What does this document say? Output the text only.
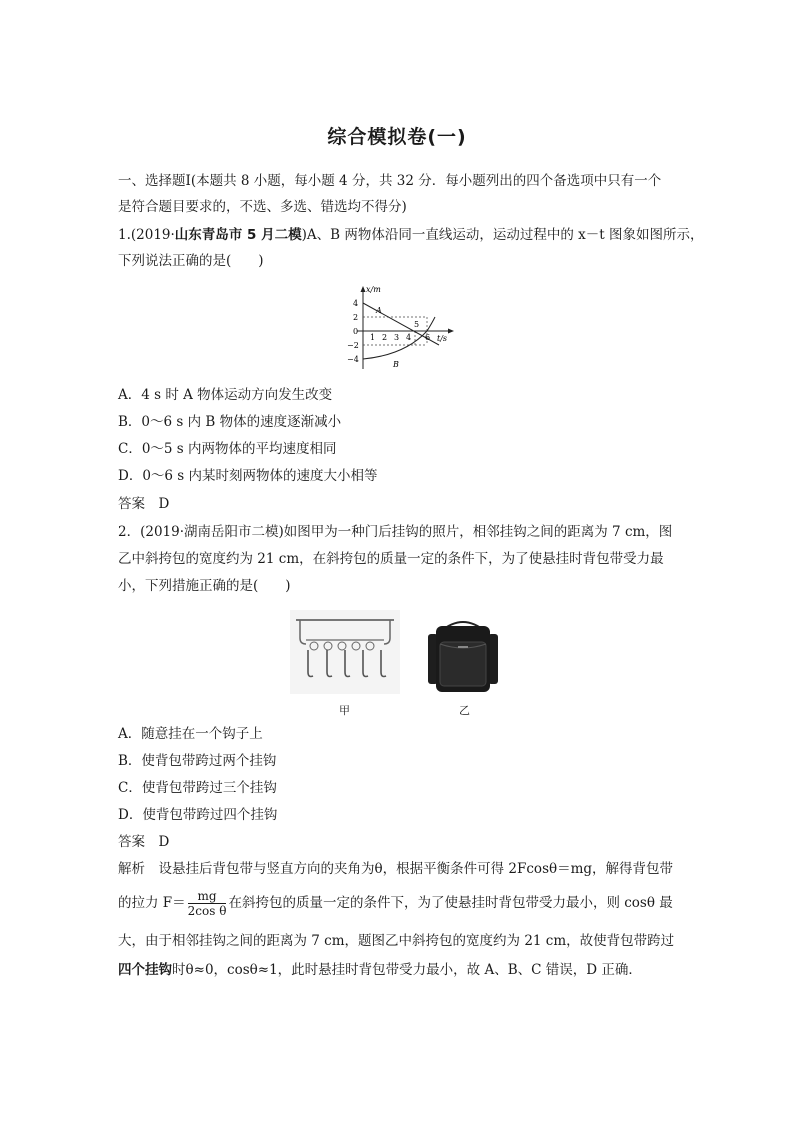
综合模拟卷(一)
一、选择题Ⅰ(本题共 8 小题，每小题 4 分，共 32 分．每小题列出的四个备选项中只有一个
是符合题目要求的，不选、多选、错选均不得分)
1.(2019·山东青岛市 5 月二模)A、B 两物体沿同一直线运动，运动过程中的 x－t 图象如图所示，
下列说法正确的是(　　)
x/m
t/s
4
2
0
−2
−4
1 2 3 4
5
6
A
B
A．4 s 时 A 物体运动方向发生改变
B．0～6 s 内 B 物体的速度逐渐减小
C．0～5 s 内两物体的平均速度相同
D．0～6 s 内某时刻两物体的速度大小相等
答案　D
2．(2019·湖南岳阳市二模)如图甲为一种门后挂钩的照片，相邻挂钩之间的距离为 7 cm，图
乙中斜挎包的宽度约为 21 cm，在斜挎包的质量一定的条件下，为了使悬挂时背包带受力最
小，下列措施正确的是(　　)
甲	乙
A．随意挂在一个钩子上
B．使背包带跨过两个挂钩
C．使背包带跨过三个挂钩
D．使背包带跨过四个挂钩
答案　D
解析　设悬挂后背包带与竖直方向的夹角为θ，根据平衡条件可得 2Fcosθ＝mg，解得背包带
的拉力 $F= \frac{mg}{\text{2cos θ}}$ 在斜挎包的质量一定的条件下，为了使悬挂时背包带受力最小，则 cosθ 最
大，由于相邻挂钩之间的距离为 7 cm，题图乙中斜挎包的宽度约为 21 cm，故使背包带跨过
四个挂钩时θ≈0，cosθ≈1，此时悬挂时背包带受力最小，故 A、B、C 错误，D 正确．
